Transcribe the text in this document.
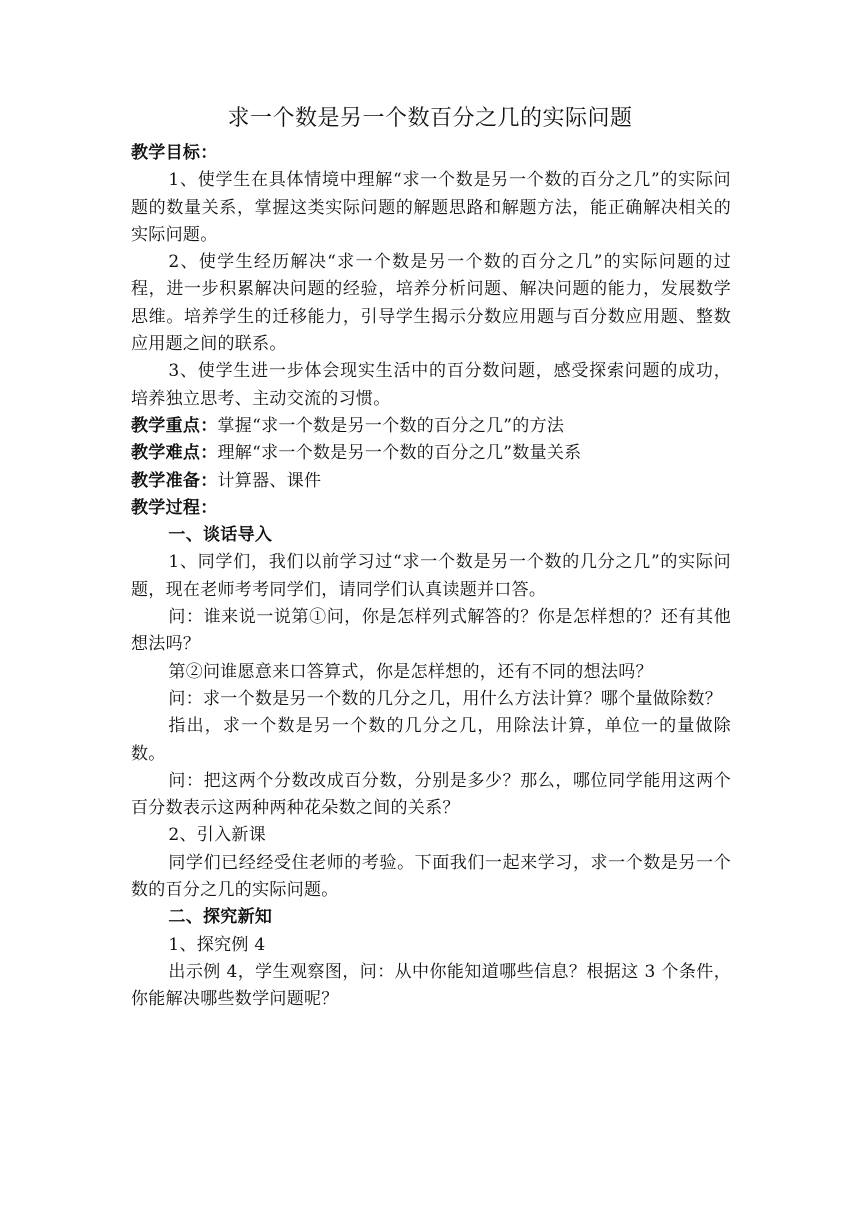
求一个数是另一个数百分之几的实际问题

教学目标：

1、使学生在具体情境中理解“求一个数是另一个数的百分之几”的实际问题的数量关系，掌握这类实际问题的解题思路和解题方法，能正确解决相关的实际问题。

2、使学生经历解决“求一个数是另一个数的百分之几”的实际问题的过程，进一步积累解决问题的经验，培养分析问题、解决问题的能力，发展数学思维。培养学生的迁移能力，引导学生揭示分数应用题与百分数应用题、整数应用题之间的联系。

3、使学生进一步体会现实生活中的百分数问题，感受探索问题的成功，培养独立思考、主动交流的习惯。

教学重点：掌握“求一个数是另一个数的百分之几”的方法

教学难点：理解“求一个数是另一个数的百分之几”数量关系

教学准备：计算器、课件

教学过程：

一、谈话导入

1、同学们，我们以前学习过“求一个数是另一个数的几分之几”的实际问题，现在老师考考同学们，请同学们认真读题并口答。

问：谁来说一说第①问，你是怎样列式解答的？你是怎样想的？还有其他想法吗？

第②问谁愿意来口答算式，你是怎样想的，还有不同的想法吗？

问：求一个数是另一个数的几分之几，用什么方法计算？哪个量做除数？

指出，求一个数是另一个数的几分之几，用除法计算，单位一的量做除数。

问：把这两个分数改成百分数，分别是多少？那么，哪位同学能用这两个百分数表示这两种两种花朵数之间的关系？

2、引入新课

同学们已经经受住老师的考验。下面我们一起来学习，求一个数是另一个数的百分之几的实际问题。

二、探究新知

1、探究例 4

出示例 4，学生观察图，问：从中你能知道哪些信息？根据这 3 个条件，你能解决哪些数学问题呢？
